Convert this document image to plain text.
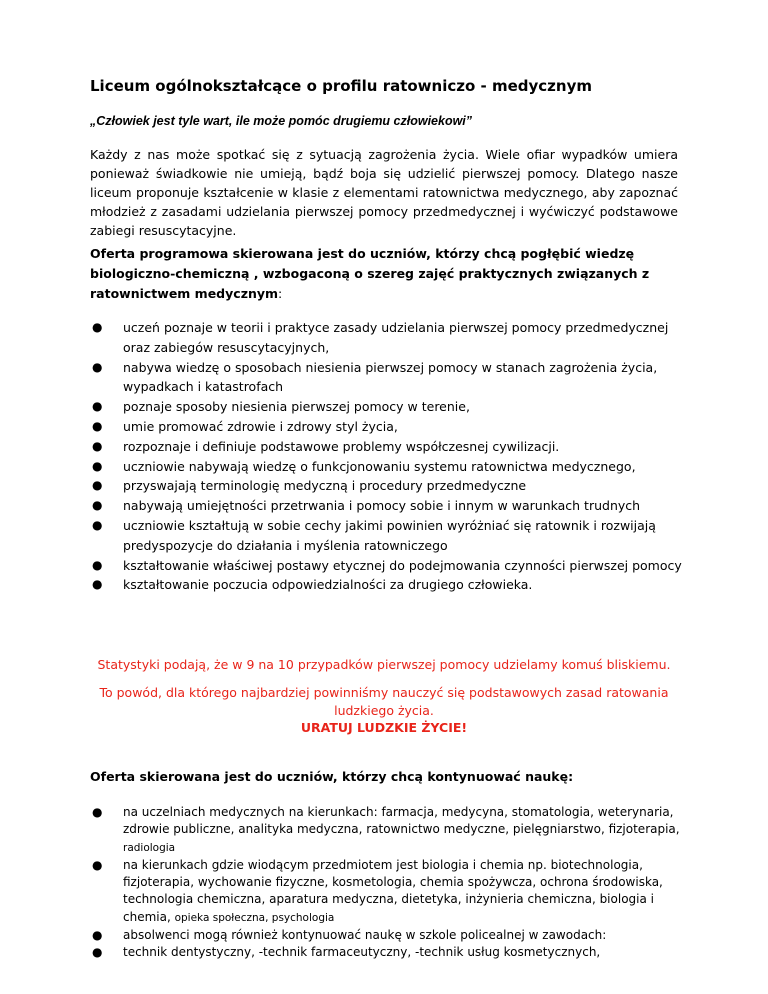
Liceum ogólnokształcące o profilu ratowniczo - medycznym
„Człowiek jest tyle wart, ile może pomóc drugiemu człowiekowi”
Każdy z nas może spotkać się z sytuacją zagrożenia życia. Wiele ofiar wypadków umiera ponieważ świadkowie nie umieją, bądź boja się udzielić pierwszej pomocy. Dlatego nasze liceum proponuje kształcenie w klasie z elementami ratownictwa medycznego, aby zapoznać młodzież z zasadami udzielania pierwszej pomocy przedmedycznej i wyćwiczyć podstawowe zabiegi resuscytacyjne.
Oferta programowa skierowana jest do uczniów, którzy chcą pogłębić wiedzę biologiczno-chemiczną , wzbogaconą o szereg zajęć praktycznych związanych z ratownictwem medycznym:
● uczeń poznaje w teorii i praktyce zasady udzielania pierwszej pomocy przedmedycznej oraz zabiegów resuscytacyjnych,
● nabywa wiedzę o sposobach niesienia pierwszej pomocy w stanach zagrożenia życia, wypadkach i katastrofach
● poznaje sposoby niesienia pierwszej pomocy w terenie,
● umie promować zdrowie i zdrowy styl życia,
● rozpoznaje i definiuje podstawowe problemy współczesnej cywilizacji.
● uczniowie nabywają wiedzę o funkcjonowaniu systemu ratownictwa medycznego,
● przyswajają terminologię medyczną i procedury przedmedyczne
● nabywają umiejętności przetrwania i pomocy sobie i innym w warunkach trudnych
● uczniowie kształtują w sobie cechy jakimi powinien wyróżniać się ratownik i rozwijają predyspozycje do działania i myślenia ratowniczego
● kształtowanie właściwej postawy etycznej do podejmowania czynności pierwszej pomocy
● kształtowanie poczucia odpowiedzialności za drugiego człowieka.

Statystyki podają, że w 9 na 10 przypadków pierwszej pomocy udzielamy komuś bliskiemu.

To powód, dla którego najbardziej powinniśmy nauczyć się podstawowych zasad ratowania ludzkiego życia.

URATUJ LUDZKIE ŻYCIE!

Oferta skierowana jest do uczniów, którzy chcą kontynuować naukę:
● na uczelniach medycznych na kierunkach: farmacja, medycyna, stomatologia, weterynaria, zdrowie publiczne, analityka medyczna, ratownictwo medyczne, pielęgniarstwo, fizjoterapia, radiologia
● na kierunkach gdzie wiodącym przedmiotem jest biologia i chemia np. biotechnologia, fizjoterapia, wychowanie fizyczne, kosmetologia, chemia spożywcza, ochrona środowiska, technologia chemiczna, aparatura medyczna, dietetyka, inżynieria chemiczna, biologia i chemia, opieka społeczna, psychologia
● absolwenci mogą również kontynuować naukę w szkole policealnej w zawodach:
● technik dentystyczny, -technik farmaceutyczny, -technik usług kosmetycznych,
